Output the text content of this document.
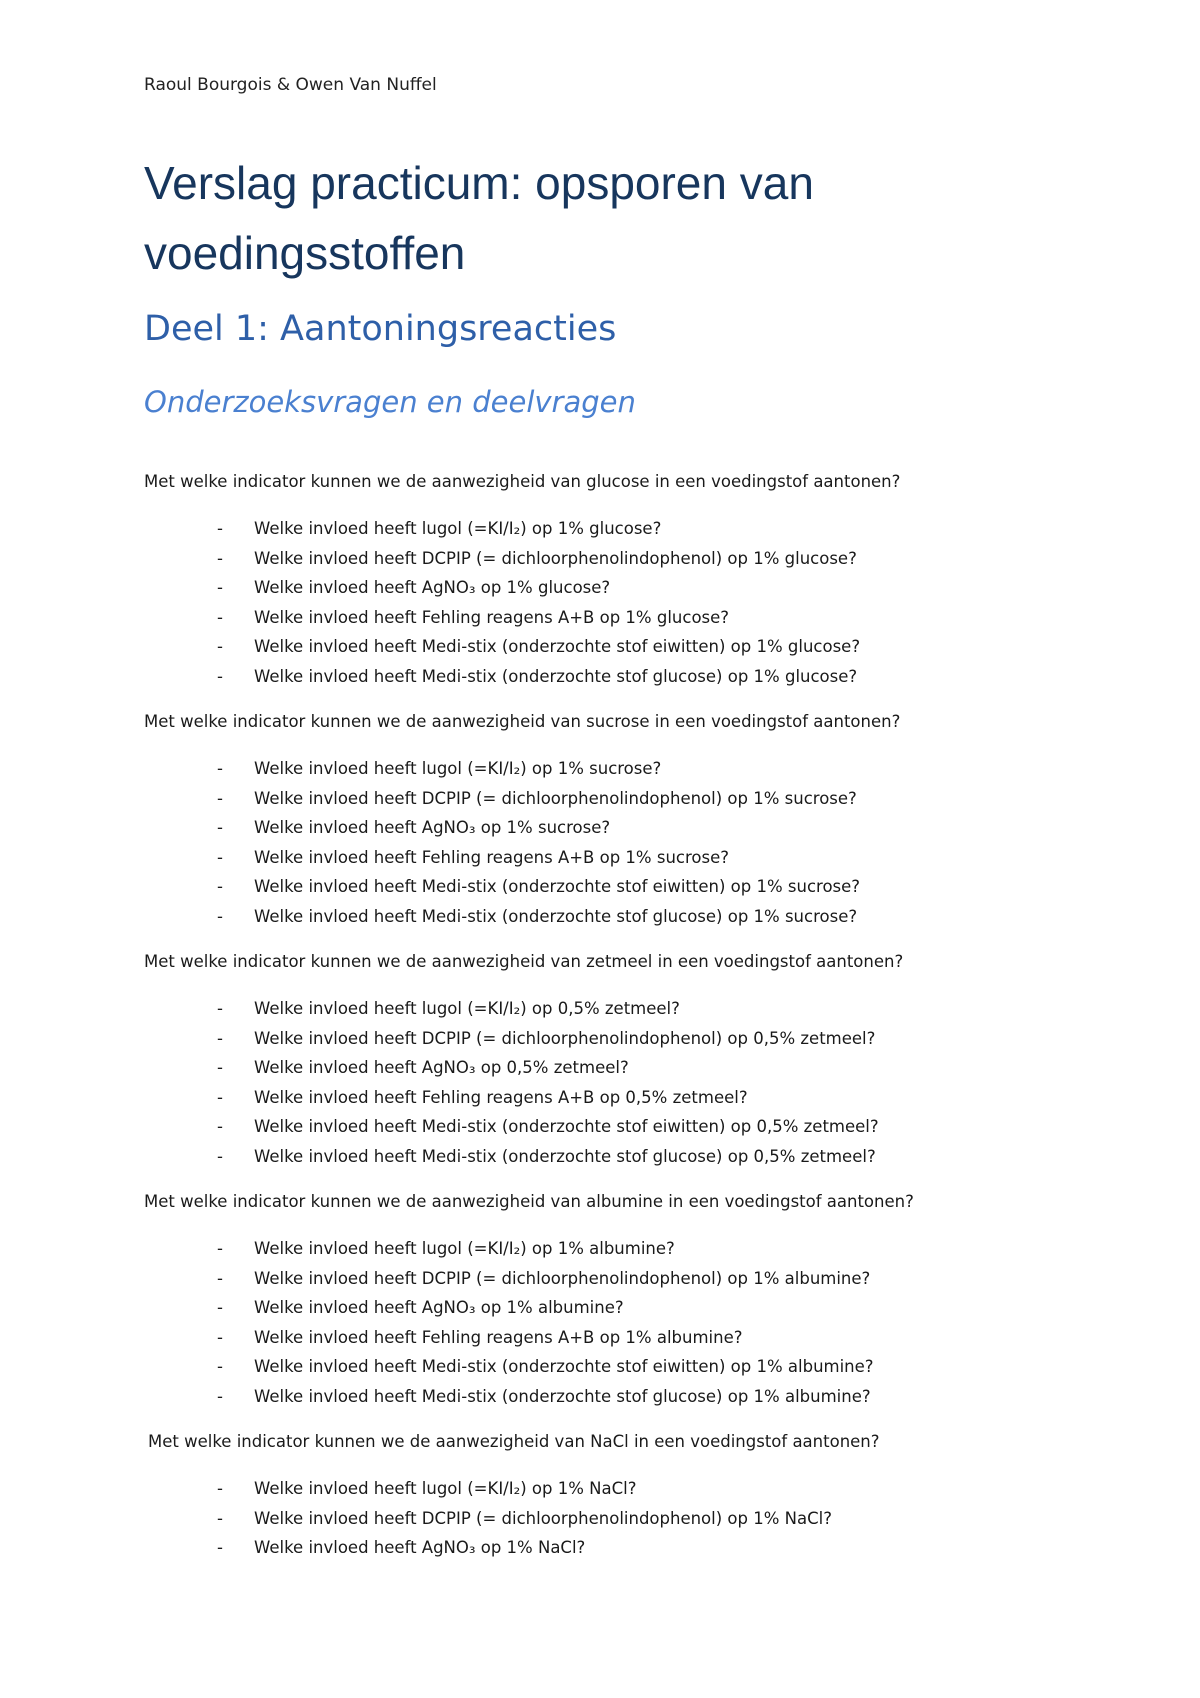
Raoul Bourgois & Owen Van Nuffel
Verslag practicum: opsporen van voedingsstoffen
Deel 1: Aantoningsreacties
Onderzoeksvragen en deelvragen

Met welke indicator kunnen we de aanwezigheid van glucose in een voedingstof aantonen?

- Welke invloed heeft lugol (=KI/I₂) op 1% glucose?
- Welke invloed heeft DCPIP (= dichloorphenolindophenol) op 1% glucose?
- Welke invloed heeft AgNO₃ op 1% glucose?
- Welke invloed heeft Fehling reagens A+B op 1% glucose?
- Welke invloed heeft Medi-stix (onderzochte stof eiwitten) op 1% glucose?
- Welke invloed heeft Medi-stix (onderzochte stof glucose) op 1% glucose?

Met welke indicator kunnen we de aanwezigheid van sucrose in een voedingstof aantonen?

- Welke invloed heeft lugol (=KI/I₂) op 1% sucrose?
- Welke invloed heeft DCPIP (= dichloorphenolindophenol) op 1% sucrose?
- Welke invloed heeft AgNO₃ op 1% sucrose?
- Welke invloed heeft Fehling reagens A+B op 1% sucrose?
- Welke invloed heeft Medi-stix (onderzochte stof eiwitten) op 1% sucrose?
- Welke invloed heeft Medi-stix (onderzochte stof glucose) op 1% sucrose?

Met welke indicator kunnen we de aanwezigheid van zetmeel in een voedingstof aantonen?

- Welke invloed heeft lugol (=KI/I₂) op 0,5% zetmeel?
- Welke invloed heeft DCPIP (= dichloorphenolindophenol) op 0,5% zetmeel?
- Welke invloed heeft AgNO₃ op 0,5% zetmeel?
- Welke invloed heeft Fehling reagens A+B op 0,5% zetmeel?
- Welke invloed heeft Medi-stix (onderzochte stof eiwitten) op 0,5% zetmeel?
- Welke invloed heeft Medi-stix (onderzochte stof glucose) op 0,5% zetmeel?

Met welke indicator kunnen we de aanwezigheid van albumine in een voedingstof aantonen?

- Welke invloed heeft lugol (=KI/I₂) op 1% albumine?
- Welke invloed heeft DCPIP (= dichloorphenolindophenol) op 1% albumine?
- Welke invloed heeft AgNO₃ op 1% albumine?
- Welke invloed heeft Fehling reagens A+B op 1% albumine?
- Welke invloed heeft Medi-stix (onderzochte stof eiwitten) op 1% albumine?
- Welke invloed heeft Medi-stix (onderzochte stof glucose) op 1% albumine?

Met welke indicator kunnen we de aanwezigheid van NaCl in een voedingstof aantonen?

- Welke invloed heeft lugol (=KI/I₂) op 1% NaCl?
- Welke invloed heeft DCPIP (= dichloorphenolindophenol) op 1% NaCl?
- Welke invloed heeft AgNO₃ op 1% NaCl?
